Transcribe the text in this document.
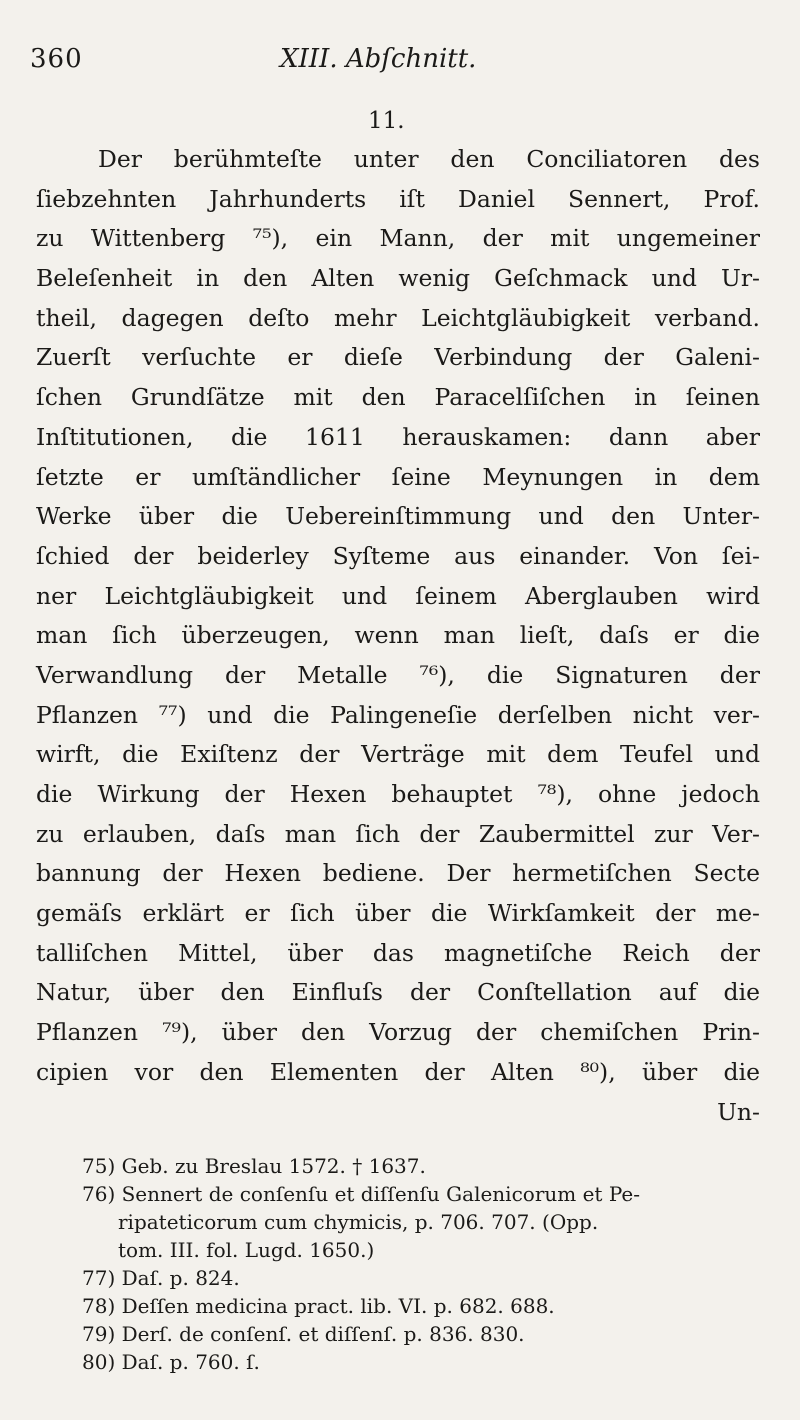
360	XIII. Abſchnitt.
11.
Der berühmteſte unter den Conciliatoren des
ſiebzehnten Jahrhunderts iſt Daniel Sennert, Prof.
zu Wittenberg ⁷⁵), ein Mann, der mit ungemeiner
Beleſenheit in den Alten wenig Geſchmack und Ur-
theil, dagegen deſto mehr Leichtgläubigkeit verband.
Zuerſt verſuchte er dieſe Verbindung der Galeni-
ſchen Grundſätze mit den Paracelſiſchen in ſeinen
Inſtitutionen, die 1611 herauskamen: dann aber
ſetzte er umſtändlicher ſeine Meynungen in dem
Werke über die Uebereinſtimmung und den Unter-
ſchied der beiderley Syſteme aus einander. Von ſei-
ner Leichtgläubigkeit und ſeinem Aberglauben wird
man ſich überzeugen, wenn man lieſt, daſs er die
Verwandlung der Metalle ⁷⁶), die Signaturen der
Pflanzen ⁷⁷) und die Palingeneſie derſelben nicht ver-
wirft, die Exiſtenz der Verträge mit dem Teufel und
die Wirkung der Hexen behauptet ⁷⁸), ohne jedoch
zu erlauben, daſs man ſich der Zaubermittel zur Ver-
bannung der Hexen bediene. Der hermetiſchen Secte
gemäſs erklärt er ſich über die Wirkſamkeit der me-
talliſchen Mittel, über das magnetiſche Reich der
Natur, über den Einfluſs der Conſtellation auf die
Pflanzen ⁷⁹), über den Vorzug der chemiſchen Prin-
cipien vor den Elementen der Alten ⁸⁰), über die
Un-
75) Geb. zu Breslau 1572. † 1637.
76) Sennert de conſenſu et diſſenſu Galenicorum et Pe-
ripateticorum cum chymicis, p. 706. 707. (Opp.
tom. III. fol. Lugd. 1650.)
77) Daſ. p. 824.
78) Deſſen medicina pract. lib. VI. p. 682. 688.
79) Derſ. de conſenſ. et diſſenſ. p. 836. 830.
80) Daſ. p. 760. ſ.
